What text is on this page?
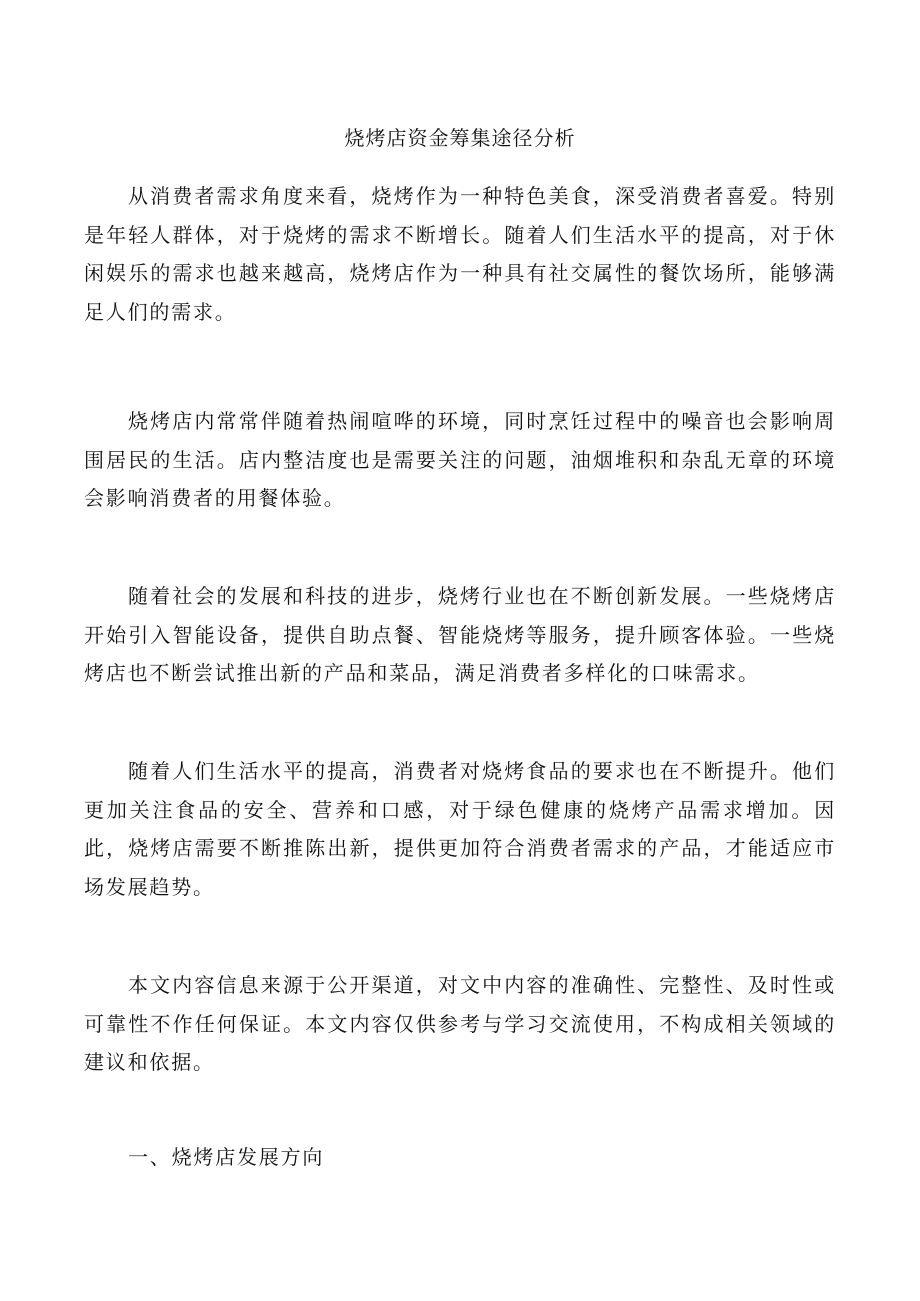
烧烤店资金筹集途径分析

从消费者需求角度来看，烧烤作为一种特色美食，深受消费者喜爱。特别是年轻人群体，对于烧烤的需求不断增长。随着人们生活水平的提高，对于休闲娱乐的需求也越来越高，烧烤店作为一种具有社交属性的餐饮场所，能够满足人们的需求。

烧烤店内常常伴随着热闹喧哗的环境，同时烹饪过程中的噪音也会影响周围居民的生活。店内整洁度也是需要关注的问题，油烟堆积和杂乱无章的环境会影响消费者的用餐体验。

随着社会的发展和科技的进步，烧烤行业也在不断创新发展。一些烧烤店开始引入智能设备，提供自助点餐、智能烧烤等服务，提升顾客体验。一些烧烤店也不断尝试推出新的产品和菜品，满足消费者多样化的口味需求。

随着人们生活水平的提高，消费者对烧烤食品的要求也在不断提升。他们更加关注食品的安全、营养和口感，对于绿色健康的烧烤产品需求增加。因此，烧烤店需要不断推陈出新，提供更加符合消费者需求的产品，才能适应市场发展趋势。

本文内容信息来源于公开渠道，对文中内容的准确性、完整性、及时性或可靠性不作任何保证。本文内容仅供参考与学习交流使用，不构成相关领域的建议和依据。

一、烧烤店发展方向
